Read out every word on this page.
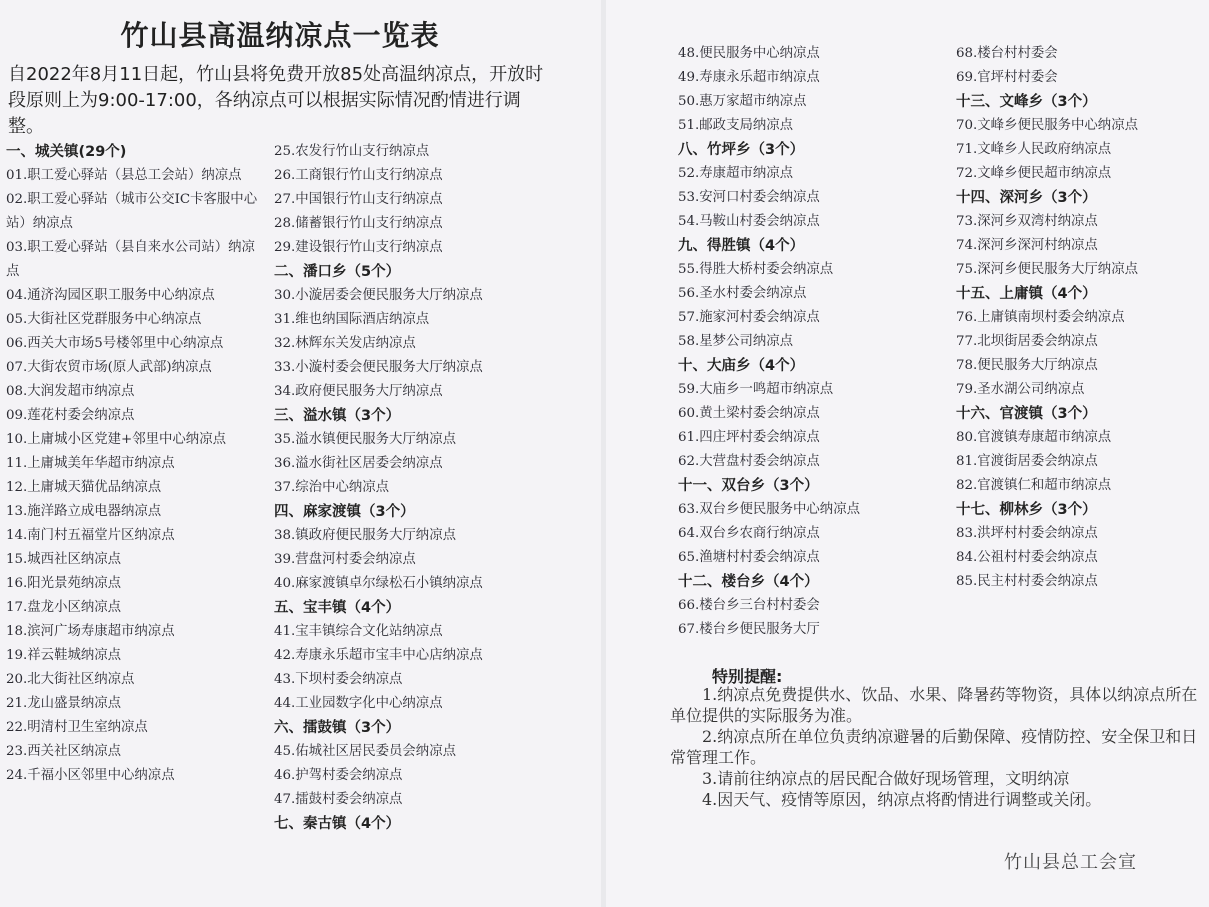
竹山县高温纳凉点一览表
自2022年8月11日起，竹山县将免费开放85处高温纳凉点，开放时段原则上为9:00-17:00，各纳凉点可以根据实际情况酌情进行调整。
一、城关镇(29个)
01.职工爱心驿站（县总工会站）纳凉点
02.职工爱心驿站（城市公交IC卡客服中心站）纳凉点
03.职工爱心驿站（县自来水公司站）纳凉点
04.通济沟园区职工服务中心纳凉点
05.大街社区党群服务中心纳凉点
06.西关大市场5号楼邻里中心纳凉点
07.大街农贸市场(原人武部)纳凉点
08.大润发超市纳凉点
09.莲花村委会纳凉点
10.上庸城小区党建+邻里中心纳凉点
11.上庸城美年华超市纳凉点
12.上庸城天猫优品纳凉点
13.施洋路立成电器纳凉点
14.南门村五福堂片区纳凉点
15.城西社区纳凉点
16.阳光景苑纳凉点
17.盘龙小区纳凉点
18.滨河广场寿康超市纳凉点
19.祥云鞋城纳凉点
20.北大街社区纳凉点
21.龙山盛景纳凉点
22.明清村卫生室纳凉点
23.西关社区纳凉点
24.千福小区邻里中心纳凉点
25.农发行竹山支行纳凉点
26.工商银行竹山支行纳凉点
27.中国银行竹山支行纳凉点
28.储蓄银行竹山支行纳凉点
29.建设银行竹山支行纳凉点
二、潘口乡（5个）
30.小漩居委会便民服务大厅纳凉点
31.维也纳国际酒店纳凉点
32.林辉东关发店纳凉点
33.小漩村委会便民服务大厅纳凉点
34.政府便民服务大厅纳凉点
三、溢水镇（3个）
35.溢水镇便民服务大厅纳凉点
36.溢水街社区居委会纳凉点
37.综治中心纳凉点
四、麻家渡镇（3个）
38.镇政府便民服务大厅纳凉点
39.营盘河村委会纳凉点
40.麻家渡镇卓尔绿松石小镇纳凉点
五、宝丰镇（4个）
41.宝丰镇综合文化站纳凉点
42.寿康永乐超市宝丰中心店纳凉点
43.下坝村委会纳凉点
44.工业园数字化中心纳凉点
六、擂鼓镇（3个）
45.佑城社区居民委员会纳凉点
46.护驾村委会纳凉点
47.擂鼓村委会纳凉点
七、秦古镇（4个）
48.便民服务中心纳凉点
49.寿康永乐超市纳凉点
50.惠万家超市纳凉点
51.邮政支局纳凉点
八、竹坪乡（3个）
52.寿康超市纳凉点
53.安河口村委会纳凉点
54.马鞍山村委会纳凉点
九、得胜镇（4个）
55.得胜大桥村委会纳凉点
56.圣水村委会纳凉点
57.施家河村委会纳凉点
58.星梦公司纳凉点
十、大庙乡（4个）
59.大庙乡一鸣超市纳凉点
60.黄土梁村委会纳凉点
61.四庄坪村委会纳凉点
62.大营盘村委会纳凉点
十一、双台乡（3个）
63.双台乡便民服务中心纳凉点
64.双台乡农商行纳凉点
65.渔塘村村委会纳凉点
十二、楼台乡（4个）
66.楼台乡三台村村委会
67.楼台乡便民服务大厅
68.楼台村村委会
69.官坪村村委会
十三、文峰乡（3个）
70.文峰乡便民服务中心纳凉点
71.文峰乡人民政府纳凉点
72.文峰乡便民超市纳凉点
十四、深河乡（3个）
73.深河乡双湾村纳凉点
74.深河乡深河村纳凉点
75.深河乡便民服务大厅纳凉点
十五、上庸镇（4个）
76.上庸镇南坝村委会纳凉点
77.北坝街居委会纳凉点
78.便民服务大厅纳凉点
79.圣水湖公司纳凉点
十六、官渡镇（3个）
80.官渡镇寿康超市纳凉点
81.官渡街居委会纳凉点
82.官渡镇仁和超市纳凉点
十七、柳林乡（3个）
83.洪坪村村委会纳凉点
84.公祖村村委会纳凉点
85.民主村村委会纳凉点
特别提醒:

1.纳凉点免费提供水、饮品、水果、降暑药等物资，具体以纳凉点所在单位提供的实际服务为准。

2.纳凉点所在单位负责纳凉避暑的后勤保障、疫情防控、安全保卫和日常管理工作。

3.请前往纳凉点的居民配合做好现场管理，文明纳凉

4.因天气、疫情等原因，纳凉点将酌情进行调整或关闭。

竹山县总工会宣
